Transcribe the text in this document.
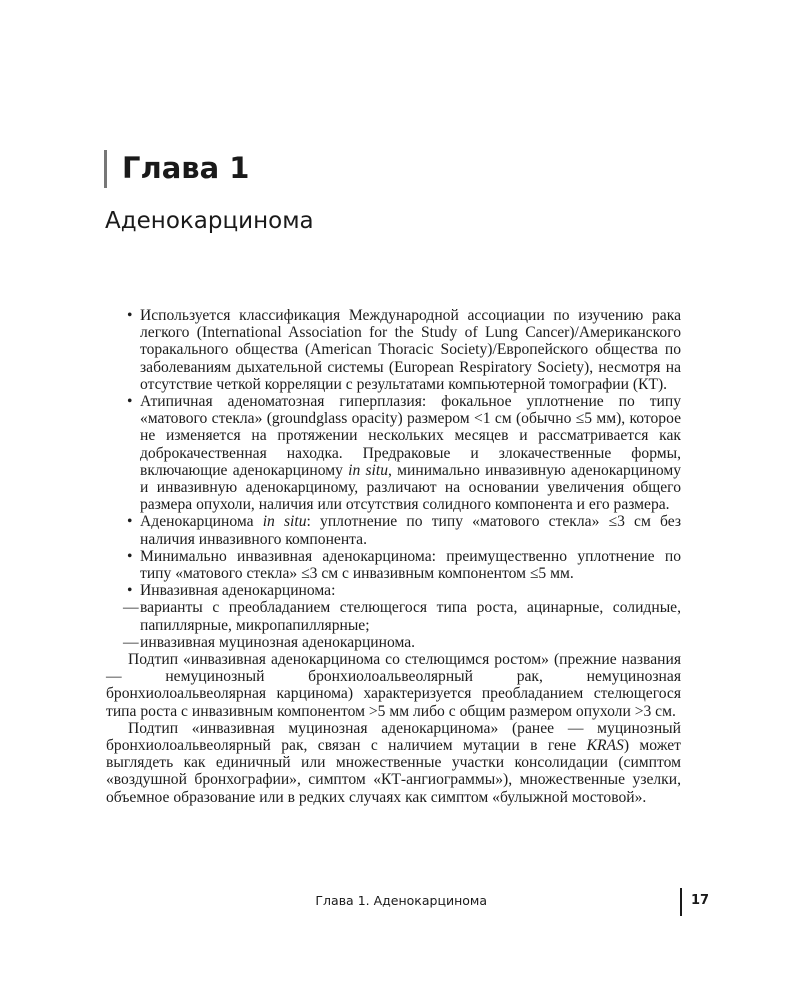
Глава 1
Аденокарцинома
• Используется классификация Международной ассоциации по изучению рака легкого (International Association for the Study of Lung Cancer)/Американского торакального общества (American Thoracic Society)/Европейского общества по заболеваниям дыхательной системы (European Respiratory Society), несмотря на отсутствие четкой корреляции с результатами компьютерной томографии (КТ).
• Атипичная аденоматозная гиперплазия: фокальное уплотнение по типу «матового стекла» (groundglass opacity) размером <1 см (обычно ≤5 мм), которое не изменяется на протяжении нескольких месяцев и рассматривается как доброкачественная находка. Предраковые и злокачественные формы, включающие аденокарциному in situ, минимально инвазивную аденокарциному и инвазивную аденокарциному, различают на основании увеличения общего размера опухоли, наличия или отсутствия солидного компонента и его размера.
• Аденокарцинома in situ: уплотнение по типу «матового стекла» ≤3 см без наличия инвазивного компонента.
• Минимально инвазивная аденокарцинома: преимущественно уплотнение по типу «матового стекла» ≤3 см с инвазивным компонентом ≤5 мм.
• Инвазивная аденокарцинома:
— варианты с преобладанием стелющегося типа роста, ацинарные, солидные, папиллярные, микропапиллярные;
— инвазивная муцинозная аденокарцинома.

Подтип «инвазивная аденокарцинома со стелющимся ростом» (прежние названия — немуцинозный бронхиолоальвеолярный рак, немуцинозная бронхиолоальвеолярная карцинома) характеризуется преобладанием стелющегося типа роста с инвазивным компонентом >5 мм либо с общим размером опухоли >3 см.

Подтип «инвазивная муцинозная аденокарцинома» (ранее — муцинозный бронхиолоальвеолярный рак, связан с наличием мутации в гене KRAS) может выглядеть как единичный или множественные участки консолидации (симптом «воздушной бронхографии», симптом «КТ-ангиограммы»), множественные узелки, объемное образование или в редких случаях как симптом «булыжной мостовой».

Глава 1. Аденокарцинома	17
